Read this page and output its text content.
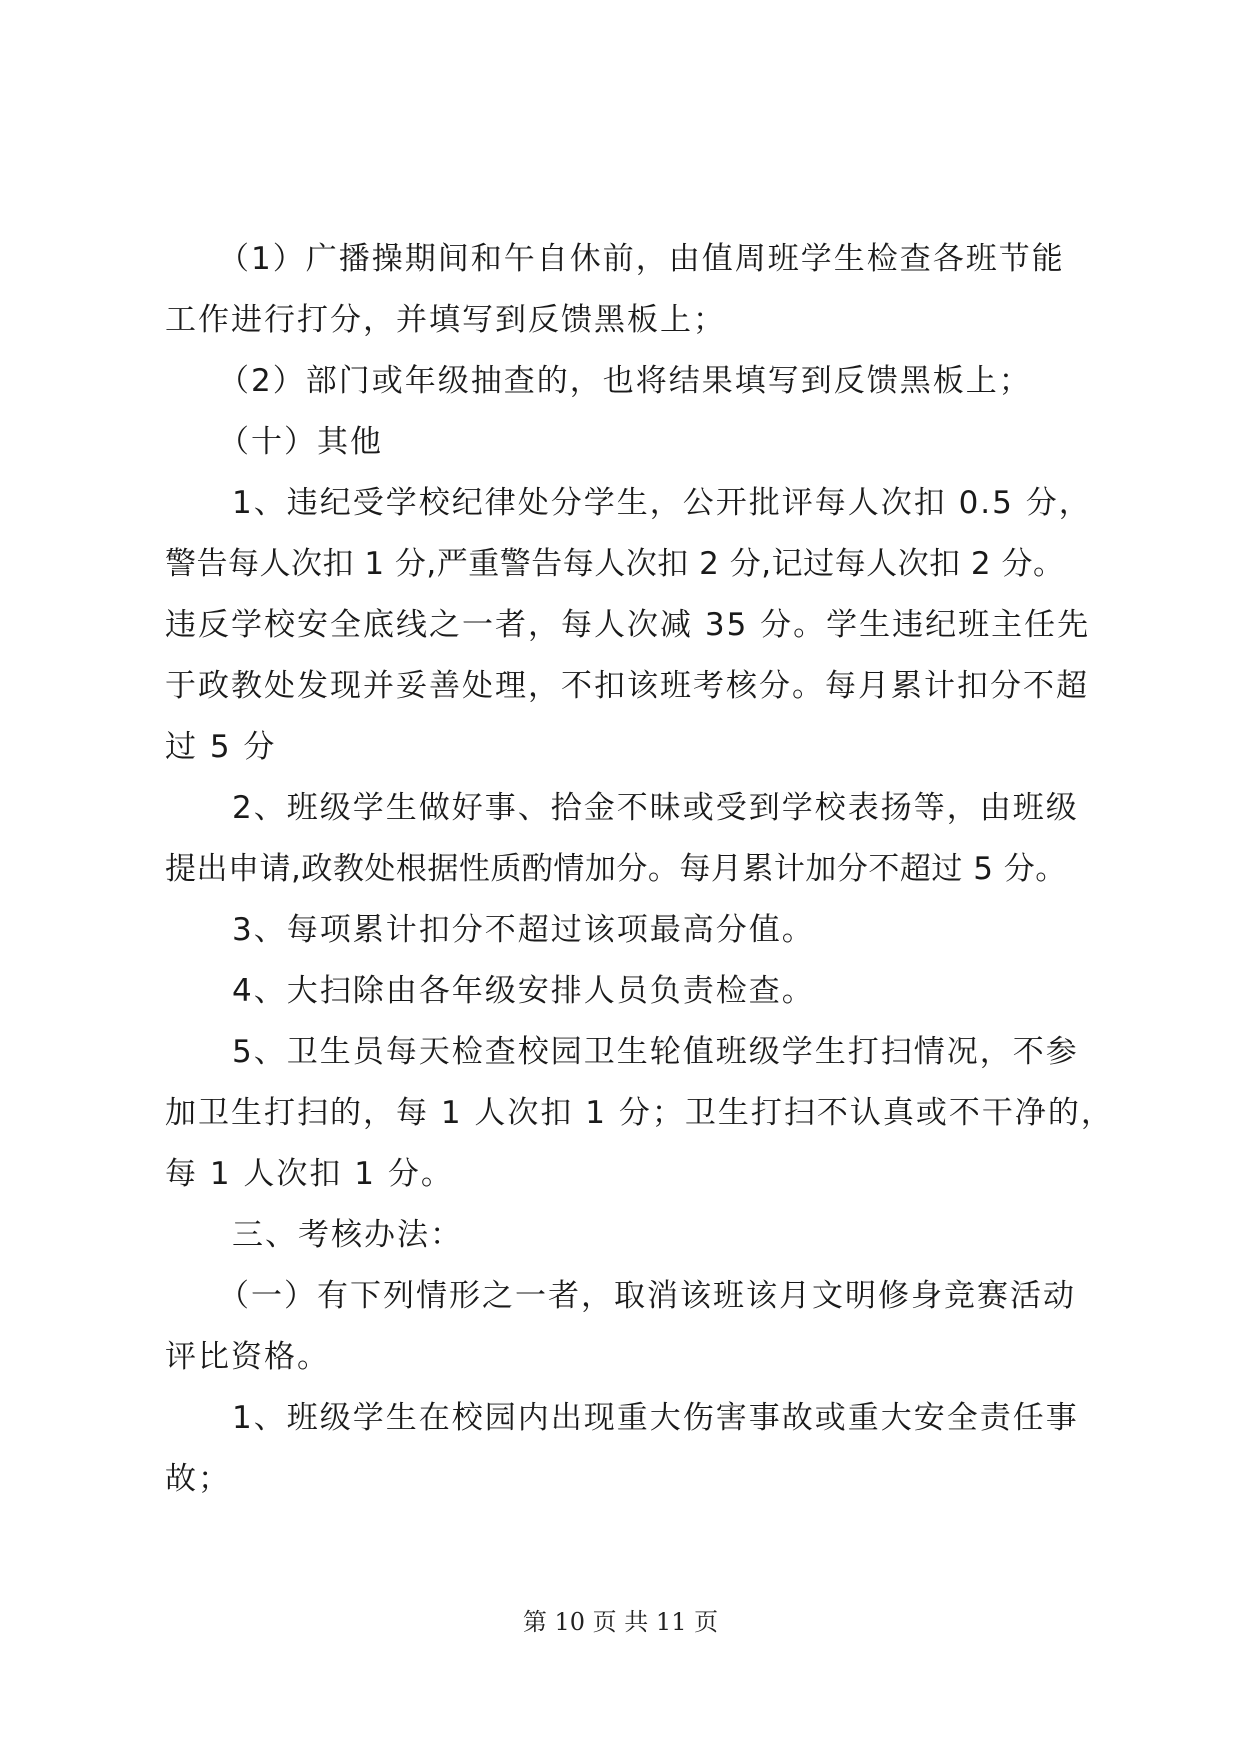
（1）广播操期间和午自休前，由值周班学生检查各班节能
工作进行打分，并填写到反馈黑板上；
（2）部门或年级抽查的，也将结果填写到反馈黑板上；
（十）其他
1、违纪受学校纪律处分学生，公开批评每人次扣 0.5 分，
警告每人次扣 1 分,严重警告每人次扣 2 分,记过每人次扣 2 分。
违反学校安全底线之一者，每人次减 35 分。学生违纪班主任先
于政教处发现并妥善处理，不扣该班考核分。每月累计扣分不超
过 5 分
2、班级学生做好事、拾金不昧或受到学校表扬等，由班级
提出申请,政教处根据性质酌情加分。每月累计加分不超过 5 分。
3、每项累计扣分不超过该项最高分值。
4、大扫除由各年级安排人员负责检查。
5、卫生员每天检查校园卫生轮值班级学生打扫情况，不参
加卫生打扫的，每 1 人次扣 1 分；卫生打扫不认真或不干净的，
每 1 人次扣 1 分。
三、考核办法：
（一）有下列情形之一者，取消该班该月文明修身竞赛活动
评比资格。
1、班级学生在校园内出现重大伤害事故或重大安全责任事
故；
第 10 页 共 11 页
